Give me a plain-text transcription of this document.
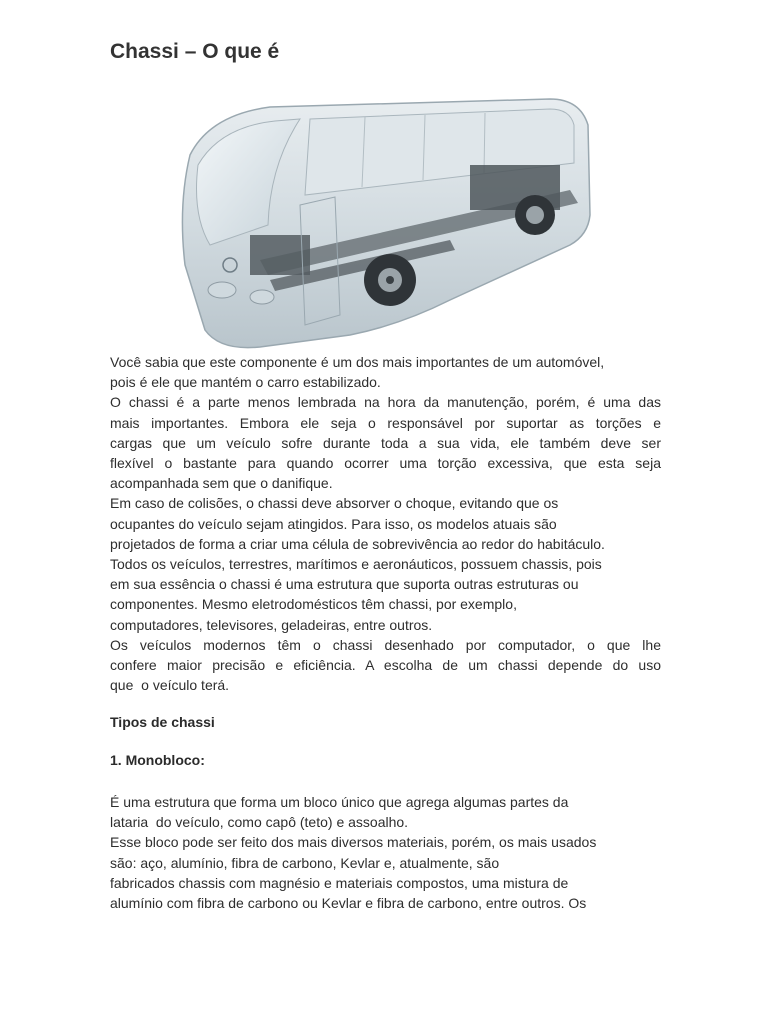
Chassi – O que é

Você sabia que este componente é um dos mais importantes de um automóvel,
pois é ele que mantém o carro estabilizado.

O chassi é a parte menos lembrada na hora da manutenção, porém, é uma das
mais importantes. Embora ele seja o responsável por suportar as torções e
cargas que um veículo sofre durante toda a sua vida, ele também deve ser
flexível o bastante para quando ocorrer uma torção excessiva, que esta seja
acompanhada sem que o danifique.

Em caso de colisões, o chassi deve absorver o choque, evitando que os
ocupantes do veículo sejam atingidos. Para isso, os modelos atuais são
projetados de forma a criar uma célula de sobrevivência ao redor do habitáculo.

Todos os veículos, terrestres, marítimos e aeronáuticos, possuem chassis, pois
em sua essência o chassi é uma estrutura que suporta outras estruturas ou
componentes. Mesmo eletrodomésticos têm chassi, por exemplo,
computadores, televisores, geladeiras, entre outros.

Os veículos modernos têm o chassi desenhado por computador, o que lhe
confere maior precisão e eficiência. A escolha de um chassi depende do uso
que  o veículo terá.

Tipos de chassi
1. Monobloco:

É uma estrutura que forma um bloco único que agrega algumas partes da
lataria  do veículo, como capô (teto) e assoalho.

Esse bloco pode ser feito dos mais diversos materiais, porém, os mais usados
são: aço, alumínio, fibra de carbono, Kevlar e, atualmente, são
fabricados chassis com magnésio e materiais compostos, uma mistura de
alumínio com fibra de carbono ou Kevlar e fibra de carbono, entre outros. Os
